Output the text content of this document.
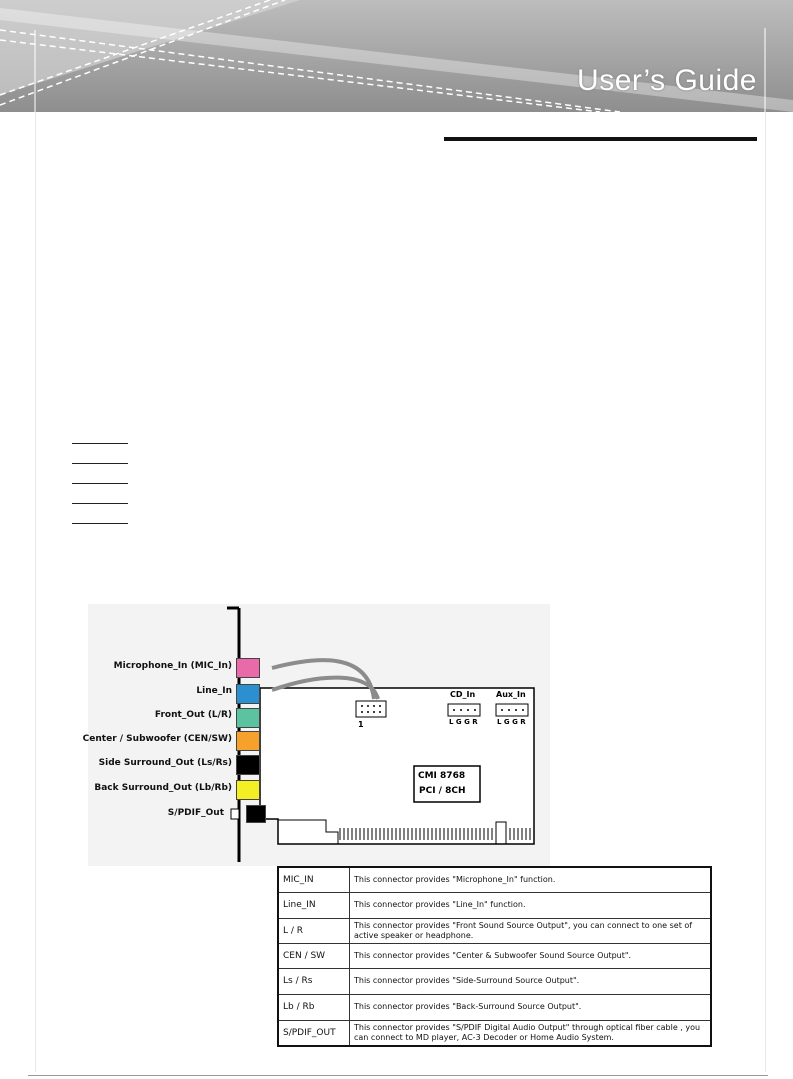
User’s Guide
Microphone_In (MIC_In)
Line_In
Front_Out (L/R)
Center / Subwoofer (CEN/SW)
Side Surround_Out (Ls/Rs)
Back Surround_Out (Lb/Rb)
S/PDIF_Out
1
CD_In	Aux_In
L G G R	L G G R
CMI 8768
PCI / 8CH
MIC_IN	This connector provides "Microphone_In" function.
Line_IN	This connector provides "Line_In" function.
L / R	This connector provides "Front Sound Source Output", you can connect to one set of active speaker or headphone.
CEN / SW	This connector provides "Center & Subwoofer Sound Source Output".
Ls / Rs	This connector provides "Side-Surround Source Output".
Lb / Rb	This connector provides "Back-Surround Source Output".
S/PDIF_OUT	This connector provides "S/PDIF Digital Audio Output" through optical fiber cable , you can connect to MD player, AC-3 Decoder or Home Audio System.
